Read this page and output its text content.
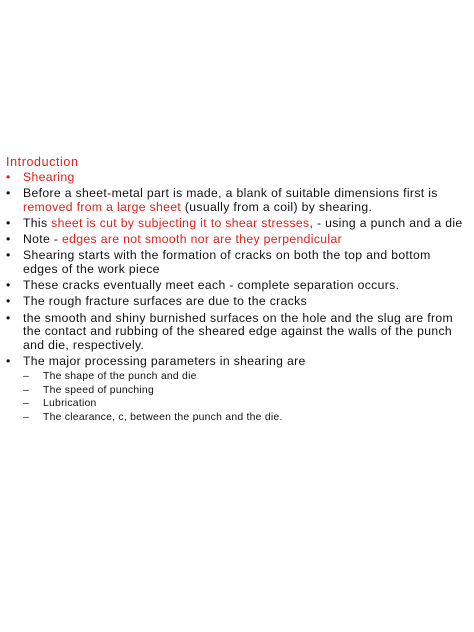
Introduction
• Shearing
• Before a sheet-metal part is made, a blank of suitable dimensions first is removed from a large sheet (usually from a coil) by shearing.
• This sheet is cut by subjecting it to shear stresses, - using a punch and a die
• Note - edges are not smooth nor are they perpendicular
• Shearing starts with the formation of cracks on both the top and bottom edges of the work piece
• These cracks eventually meet each - complete separation occurs.
• The rough fracture surfaces are due to the cracks
• the smooth and shiny burnished surfaces on the hole and the slug are from the contact and rubbing of the sheared edge against the walls of the punch and die, respectively.
• The major processing parameters in shearing are
– The shape of the punch and die
– The speed of punching
– Lubrication
– The clearance, c, between the punch and the die.
